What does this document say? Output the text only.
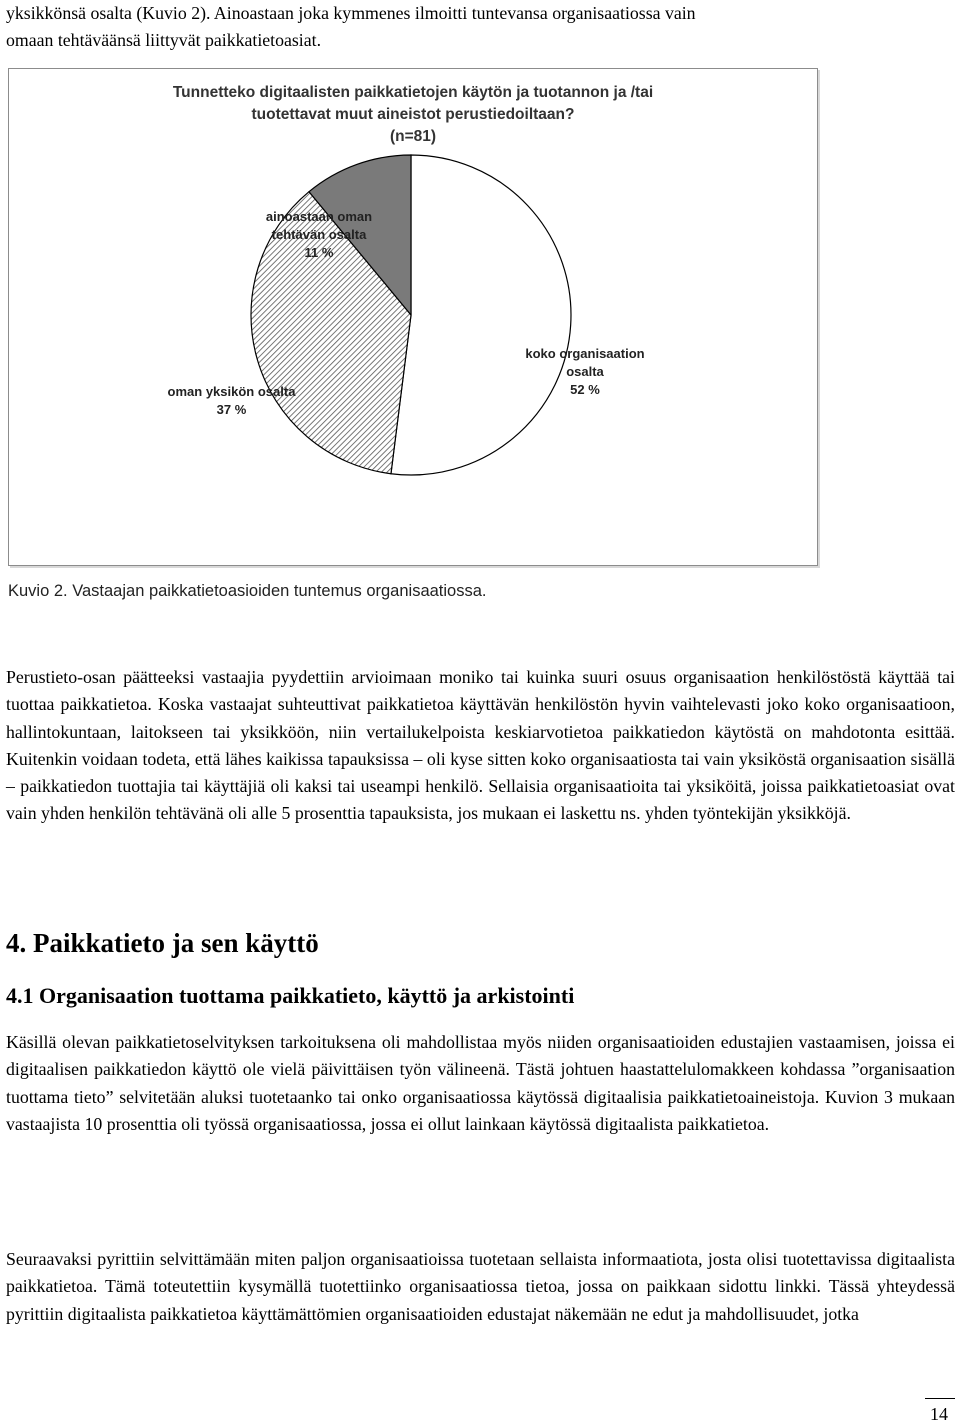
yksikkönsä osalta (Kuvio 2). Ainoastaan joka kymmenes ilmoitti tuntevansa organisaatiossa vain
omaan tehtäväänsä liittyvät paikkatietoasiat.
Tunnetteko digitaalisten paikkatietojen käytön ja tuotannon ja /tai
tuotettavat muut aineistot perustiedoiltaan?
(n=81)
ainoastaan oman
tehtävän osalta
11 %
oman yksikön osalta
37 %
koko organisaation
osalta
52 %
Kuvio 2. Vastaajan paikkatietoasioiden tuntemus organisaatiossa.
Perustieto-osan päätteeksi vastaajia pyydettiin arvioimaan moniko tai kuinka suuri osuus organisaation henkilöstöstä käyttää tai tuottaa paikkatietoa. Koska vastaajat suhteuttivat paikkatietoa käyttävän henkilöstön hyvin vaihtelevasti joko koko organisaatioon, hallintokuntaan, laitokseen tai yksikköön, niin vertailukelpoista keskiarvotietoa paikkatiedon käytöstä on mahdotonta esittää. Kuitenkin voidaan todeta, että lähes kaikissa tapauksissa – oli kyse sitten koko organisaatiosta tai vain yksiköstä organisaation sisällä – paikkatiedon tuottajia tai käyttäjiä oli kaksi tai useampi henkilö. Sellaisia organisaatioita tai yksiköitä, joissa paikkatietoasiat ovat vain yhden henkilön tehtävänä oli alle 5 prosenttia tapauksista, jos mukaan ei laskettu ns. yhden työntekijän yksikköjä.
4. Paikkatieto ja sen käyttö
4.1 Organisaation tuottama paikkatieto, käyttö ja arkistointi
Käsillä olevan paikkatietoselvityksen tarkoituksena oli mahdollistaa myös niiden organisaatioiden edustajien vastaamisen, joissa ei digitaalisen paikkatiedon käyttö ole vielä päivittäisen työn välineenä. Tästä johtuen haastattelulomakkeen kohdassa ”organisaation tuottama tieto” selvitetään aluksi tuotetaanko tai onko organisaatiossa käytössä digitaalisia paikkatietoaineistoja. Kuvion 3 mukaan vastaajista 10 prosenttia oli työssä organisaatiossa, jossa ei ollut lainkaan käytössä digitaalista paikkatietoa.
Seuraavaksi pyrittiin selvittämään miten paljon organisaatioissa tuotetaan sellaista informaatiota, josta olisi tuotettavissa digitaalista paikkatietoa. Tämä toteutettiin kysymällä tuotettiinko organisaatiossa tietoa, jossa on paikkaan sidottu linkki. Tässä yhteydessä pyrittiin digitaalista paikkatietoa käyttämättömien organisaatioiden edustajat näkemään ne edut ja mahdollisuudet, jotka
14
